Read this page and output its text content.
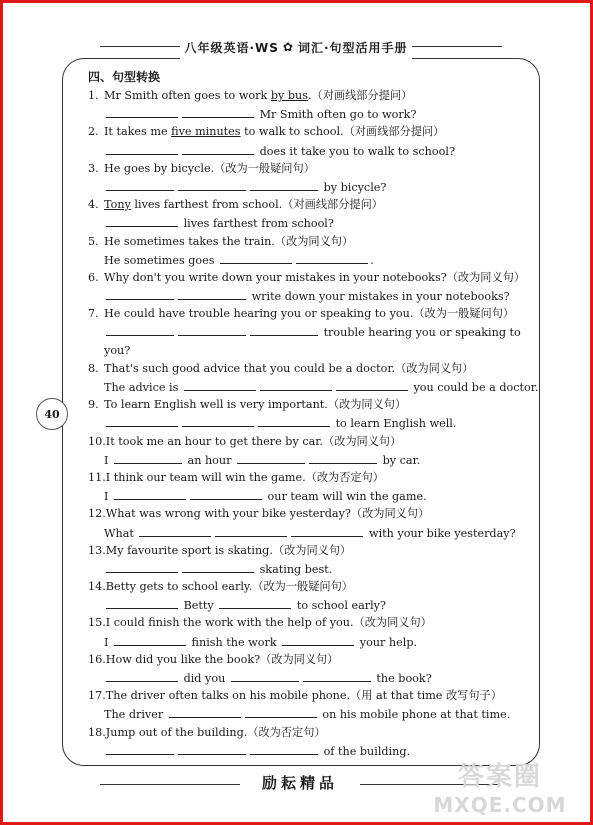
八年级英语·WS ✿ 词汇·句型活用手册
40
四、句型转换
1. Mr Smith often goes to work by bus.（对画线部分提问）
Mr Smith often go to work?
2. It takes me five minutes to walk to school.（对画线部分提问）
does it take you to walk to school?
3. He goes by bicycle.（改为一般疑问句）
by bicycle?
4. Tony lives farthest from school.（对画线部分提问）
lives farthest from school?
5. He sometimes takes the train.（改为同义句）
He sometimes goes	.
6. Why don't you write down your mistakes in your notebooks?（改为同义句）
write down your mistakes in your notebooks?
7. He could have trouble hearing you or speaking to you.（改为一般疑问句）
trouble hearing you or speaking to
you?
8. That's such good advice that you could be a doctor.（改为同义句）
The advice is	you could be a doctor.
9. To learn English well is very important.（改为同义句）
to learn English well.
10.It took me an hour to get there by car.（改为同义句）
I	an hour	by car.
11.I think our team will win the game.（改为否定句）
I	our team will win the game.
12.What was wrong with your bike yesterday?（改为同义句）
What	with your bike yesterday?
13.My favourite sport is skating.（改为同义句）
skating best.
14.Betty gets to school early.（改为一般疑问句）
Betty	to school early?
15.I could finish the work with the help of you.（改为同义句）
I	finish the work	your help.
16.How did you like the book?（改为同义句）
did you	the book?
17.The driver often talks on his mobile phone.（用 at that time 改写句子）
The driver	on his mobile phone at that time.
18.Jump out of the building.（改为否定句）
of the building.
励耘精品	答案圈
MXQE.COM
